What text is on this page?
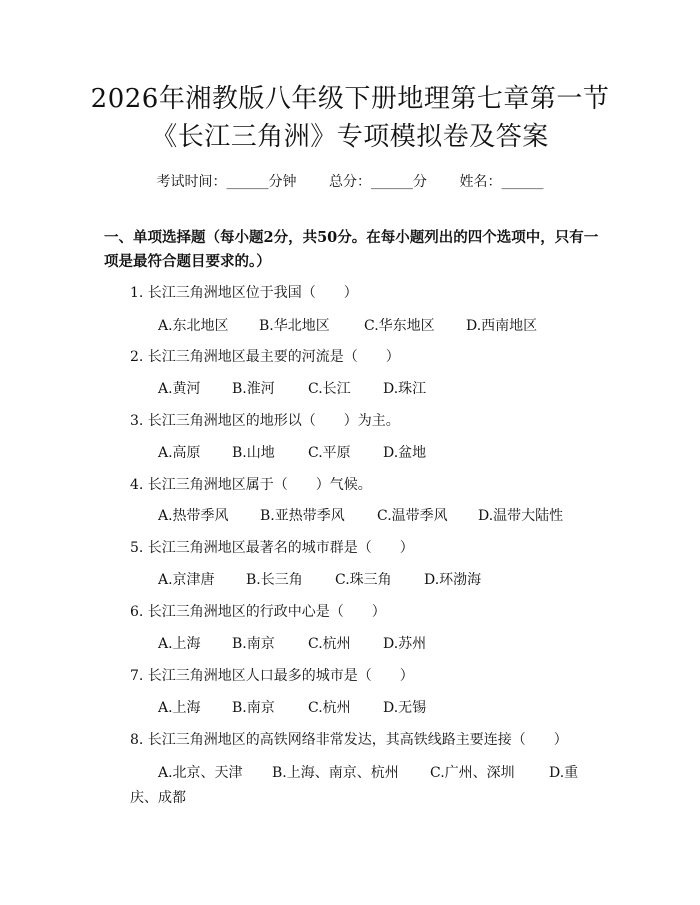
2026年湘教版八年级下册地理第七章第一节
《长江三角洲》专项模拟卷及答案
考试时间：______分钟 总分：______分 姓名：______
一、单项选择题（每小题2分，共50分。在每小题列出的四个选项中，只有一项是最符合题目要求的。）
1. 长江三角洲地区位于我国（　　）
A.东北地区 B.华北地区 C.华东地区 D.西南地区
2. 长江三角洲地区最主要的河流是（　　）
A.黄河 B.淮河 C.长江 D.珠江
3. 长江三角洲地区的地形以（　　）为主。
A.高原 B.山地 C.平原 D.盆地
4. 长江三角洲地区属于（　　）气候。
A.热带季风 B.亚热带季风 C.温带季风 D.温带大陆性
5. 长江三角洲地区最著名的城市群是（　　）
A.京津唐 B.长三角 C.珠三角 D.环渤海
6. 长江三角洲地区的行政中心是（　　）
A.上海 B.南京 C.杭州 D.苏州
7. 长江三角洲地区人口最多的城市是（　　）
A.上海 B.南京 C.杭州 D.无锡
8. 长江三角洲地区的高铁网络非常发达，其高铁线路主要连接（　　）
A.北京、天津 B.上海、南京、杭州 C.广州、深圳 D.重
庆、成都
